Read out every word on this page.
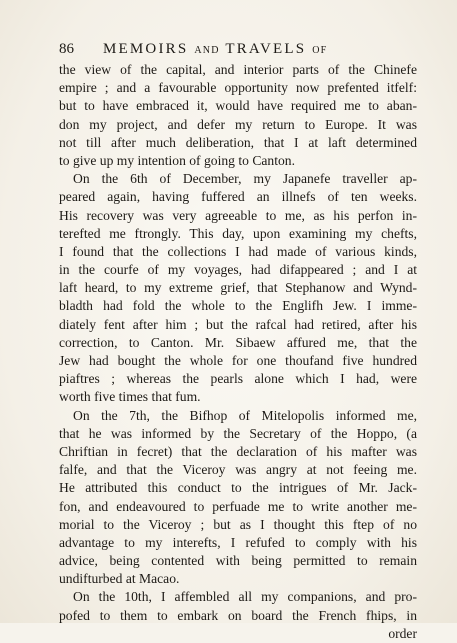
86 MEMOIRS AND TRAVELS OF
the view of the capital, and interior parts of the Chinefe
empire ; and a favourable opportunity now prefented itfelf:
but to have embraced it, would have required me to aban-
don my project, and defer my return to Europe. It was
not till after much deliberation, that I at laft determined
to give up my intention of going to Canton.
On the 6th of December, my Japanefe traveller ap-
peared again, having fuffered an illnefs of ten weeks.
His recovery was very agreeable to me, as his perfon in-
terefted me ftrongly. This day, upon examining my chefts,
I found that the collections I had made of various kinds,
in the courfe of my voyages, had difappeared ; and I at
laft heard, to my extreme grief, that Stephanow and Wynd-
bladth had fold the whole to the Englifh Jew. I imme-
diately fent after him ; but the rafcal had retired, after his
correction, to Canton. Mr. Sibaew affured me, that the
Jew had bought the whole for one thoufand five hundred
piaftres ; whereas the pearls alone which I had, were
worth five times that fum.
On the 7th, the Bifhop of Mitelopolis informed me,
that he was informed by the Secretary of the Hoppo, (a
Chriftian in fecret) that the declaration of his mafter was
falfe, and that the Viceroy was angry at not feeing me.
He attributed this conduct to the intrigues of Mr. Jack-
fon, and endeavoured to perfuade me to write another me-
morial to the Viceroy ; but as I thought this ftep of no
advantage to my interefts, I refufed to comply with his
advice, being contented with being permitted to remain
undifturbed at Macao.
On the 10th, I affembled all my companions, and pro-
pofed to them to embark on board the French fhips, in
order
